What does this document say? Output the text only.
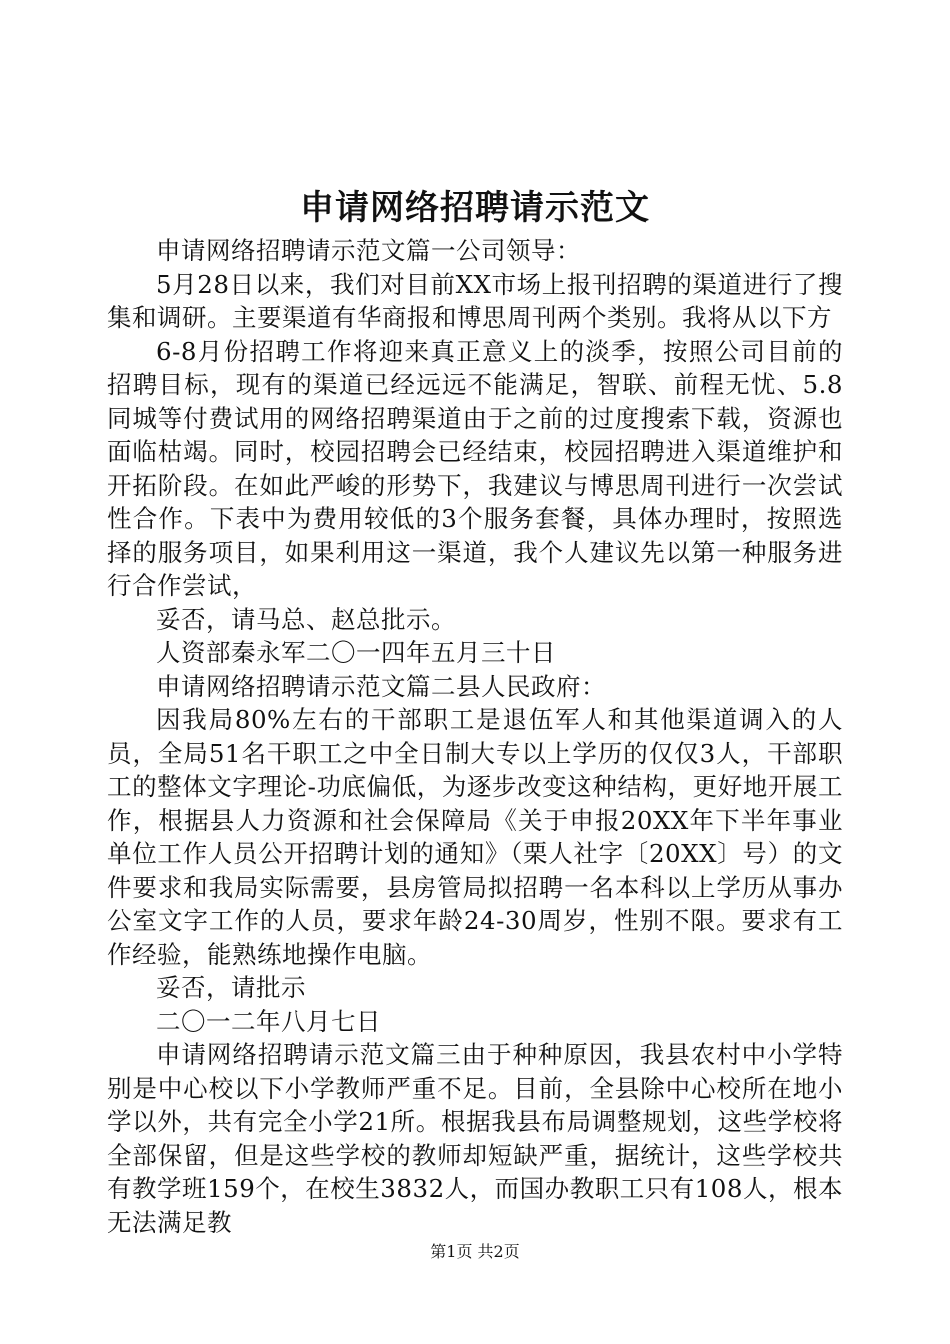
申请网络招聘请示范文

申请网络招聘请示范文篇一公司领导：

5月28日以来，我们对目前XX市场上报刊招聘的渠道进行了搜集和调研。主要渠道有华商报和博思周刊两个类别。我将从以下方

6-8月份招聘工作将迎来真正意义上的淡季，按照公司目前的招聘目标，现有的渠道已经远远不能满足，智联、前程无忧、5.8同城等付费试用的网络招聘渠道由于之前的过度搜索下载，资源也面临枯竭。同时，校园招聘会已经结束，校园招聘进入渠道维护和开拓阶段。在如此严峻的形势下，我建议与博思周刊进行一次尝试性合作。下表中为费用较低的3个服务套餐，具体办理时，按照选择的服务项目，如果利用这一渠道，我个人建议先以第一种服务进行合作尝试，

妥否，请马总、赵总批示。

人资部秦永军二〇一四年五月三十日

申请网络招聘请示范文篇二县人民政府：

因我局80%左右的干部职工是退伍军人和其他渠道调入的人员，全局51名干职工之中全日制大专以上学历的仅仅3人，干部职工的整体文字理论-功底偏低，为逐步改变这种结构，更好地开展工作，根据县人力资源和社会保障局《关于申报20XX年下半年事业单位工作人员公开招聘计划的通知》（栗人社字〔20XX〕号）的文件要求和我局实际需要，县房管局拟招聘一名本科以上学历从事办公室文字工作的人员，要求年龄24-30周岁，性别不限。要求有工作经验，能熟练地操作电脑。

妥否，请批示

二〇一二年八月七日

申请网络招聘请示范文篇三由于种种原因，我县农村中小学特别是中心校以下小学教师严重不足。目前，全县除中心校所在地小学以外，共有完全小学21所。根据我县布局调整规划，这些学校将全部保留，但是这些学校的教师却短缺严重，据统计，这些学校共有教学班159个，在校生3832人，而国办教职工只有108人，根本无法满足教

第1页 共2页
